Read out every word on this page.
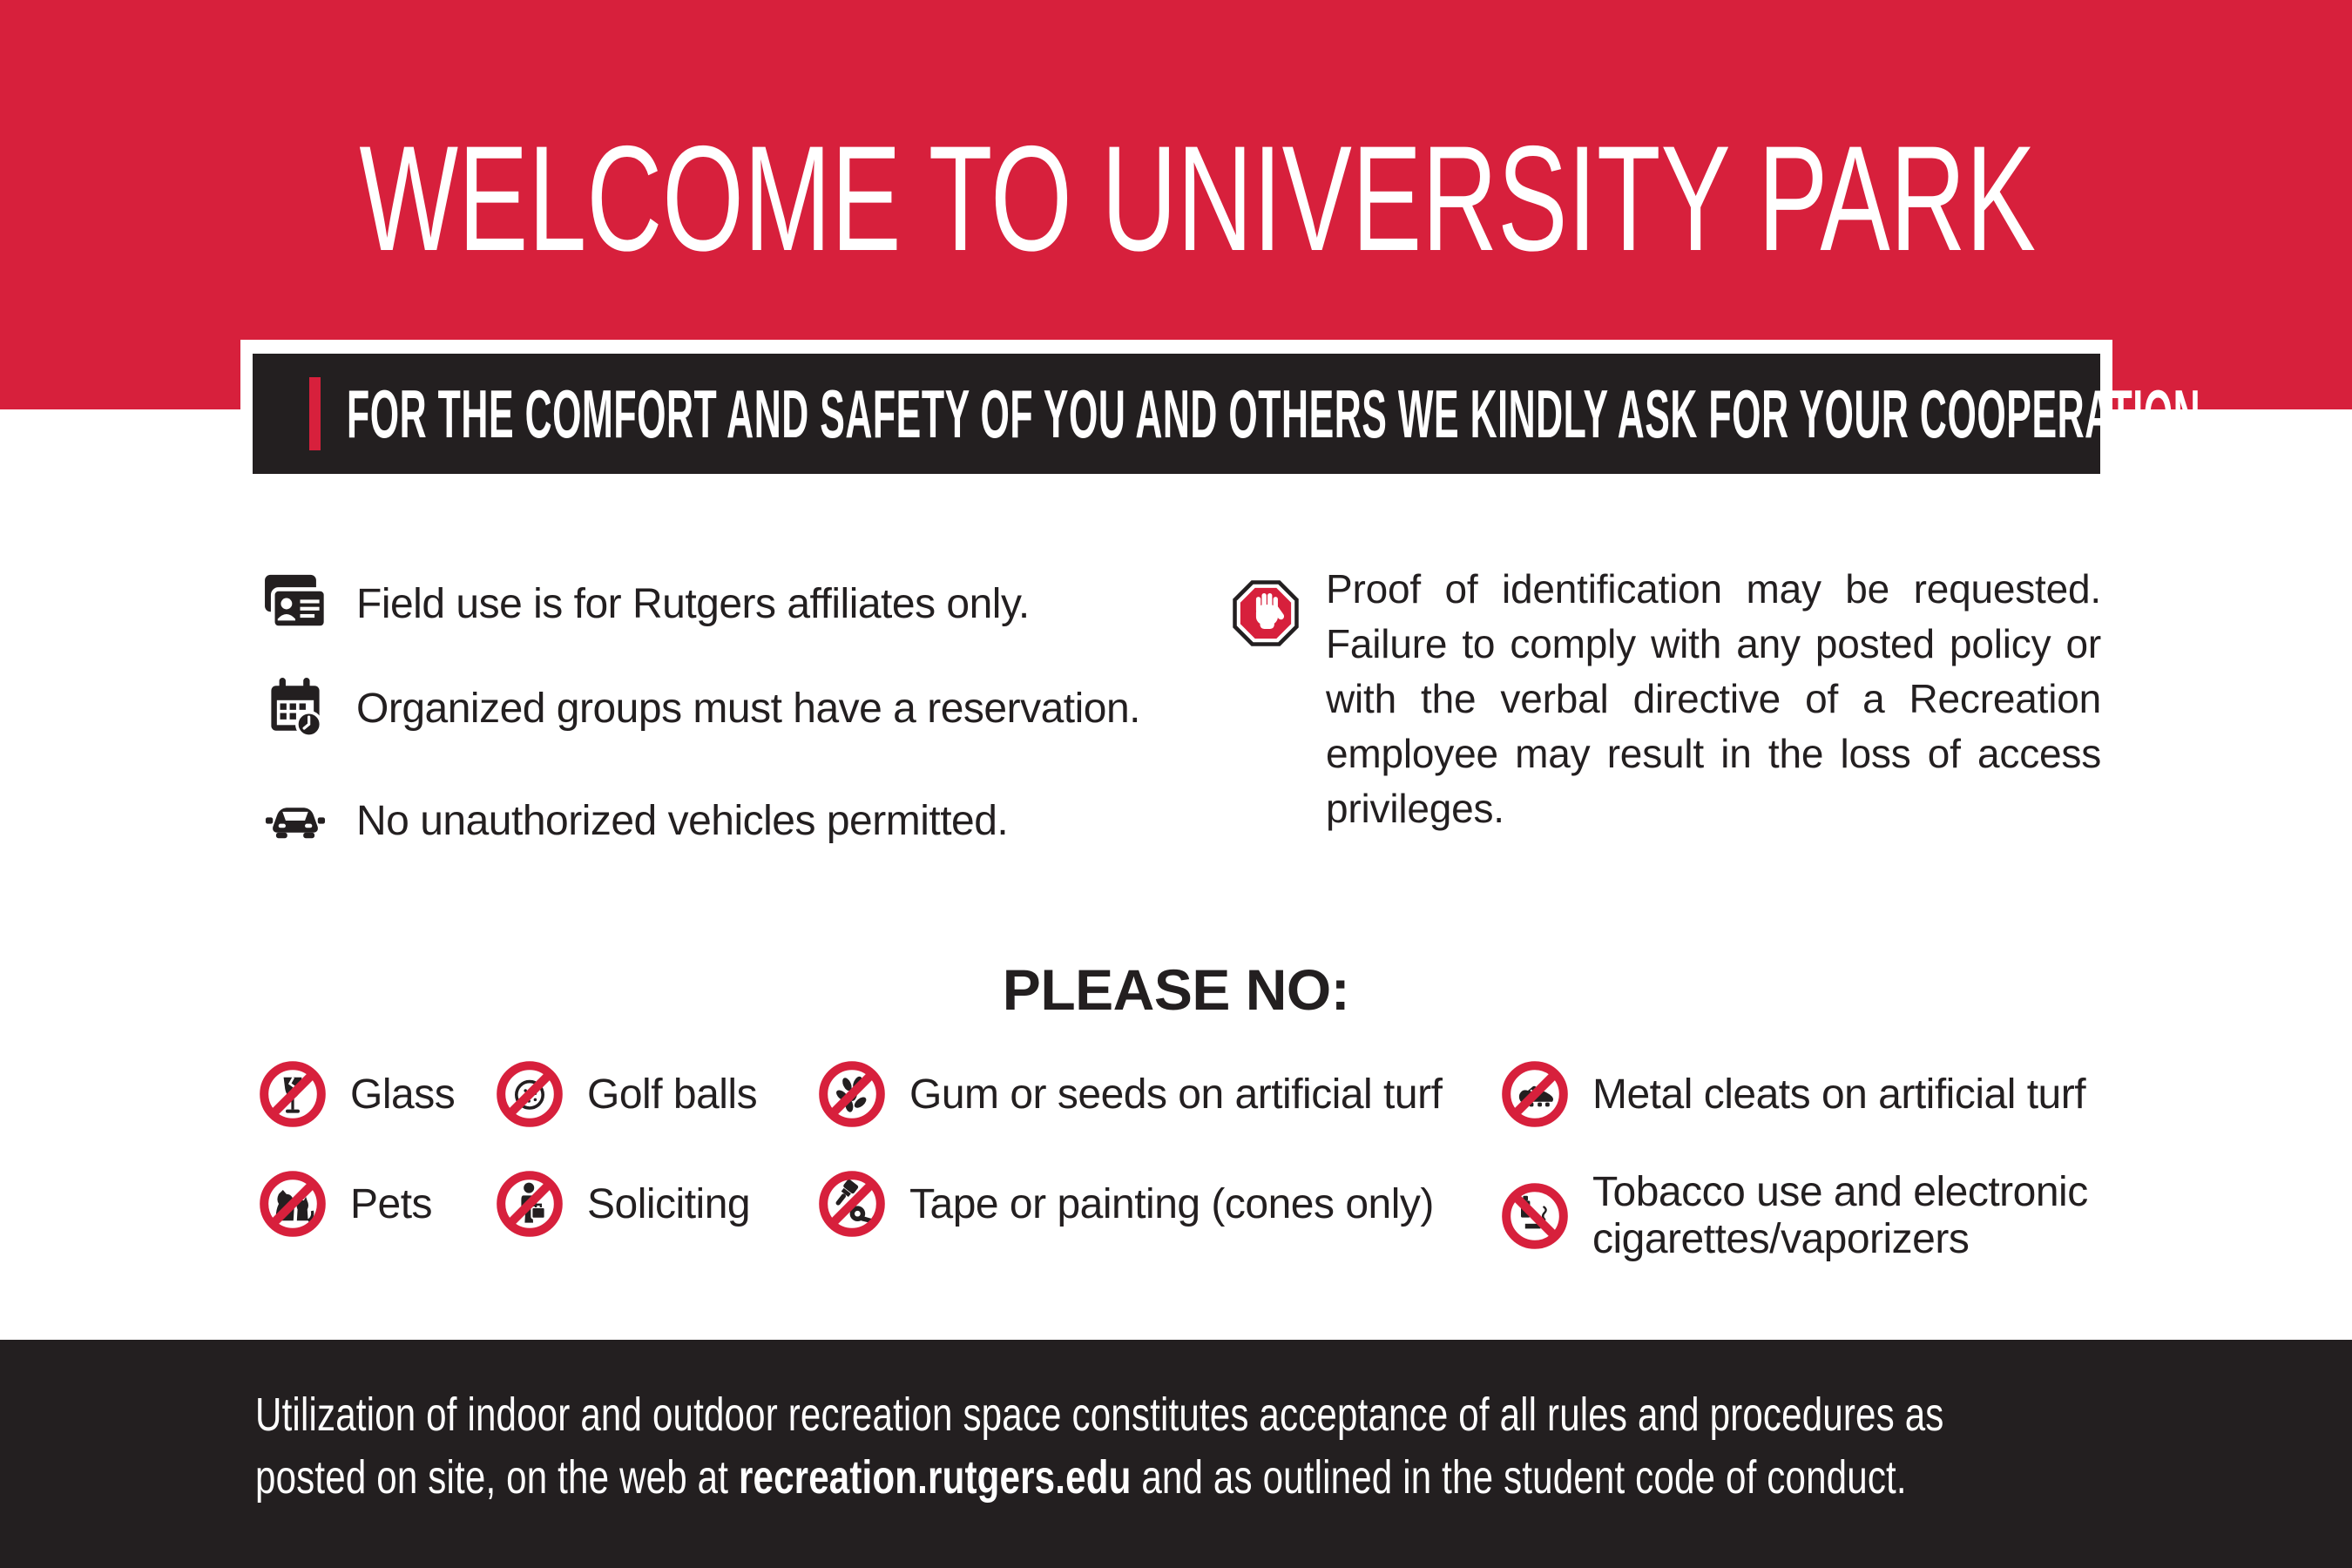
WELCOME TO UNIVERSITY PARK
FOR THE COMFORT AND SAFETY OF YOU AND OTHERS WE KINDLY ASK FOR YOUR COOPERATION
Field use is for Rutgers affiliates only.
Organized groups must have a reservation.
No unauthorized vehicles permitted.
Proof of identification may be requested.
Failure to comply with any posted policy or
with the verbal directive of a Recreation
employee may result in the loss of access
privileges.
PLEASE NO:
Glass	Golf balls	Gum or seeds on artificial turf	Metal cleats on artificial turf
Pets	Soliciting	Tape or painting (cones only)	Tobacco use and electronic cigarettes/vaporizers
Utilization of indoor and outdoor recreation space constitutes acceptance of all rules and procedures as
posted on site, on the web at recreation.rutgers.edu and as outlined in the student code of conduct.
